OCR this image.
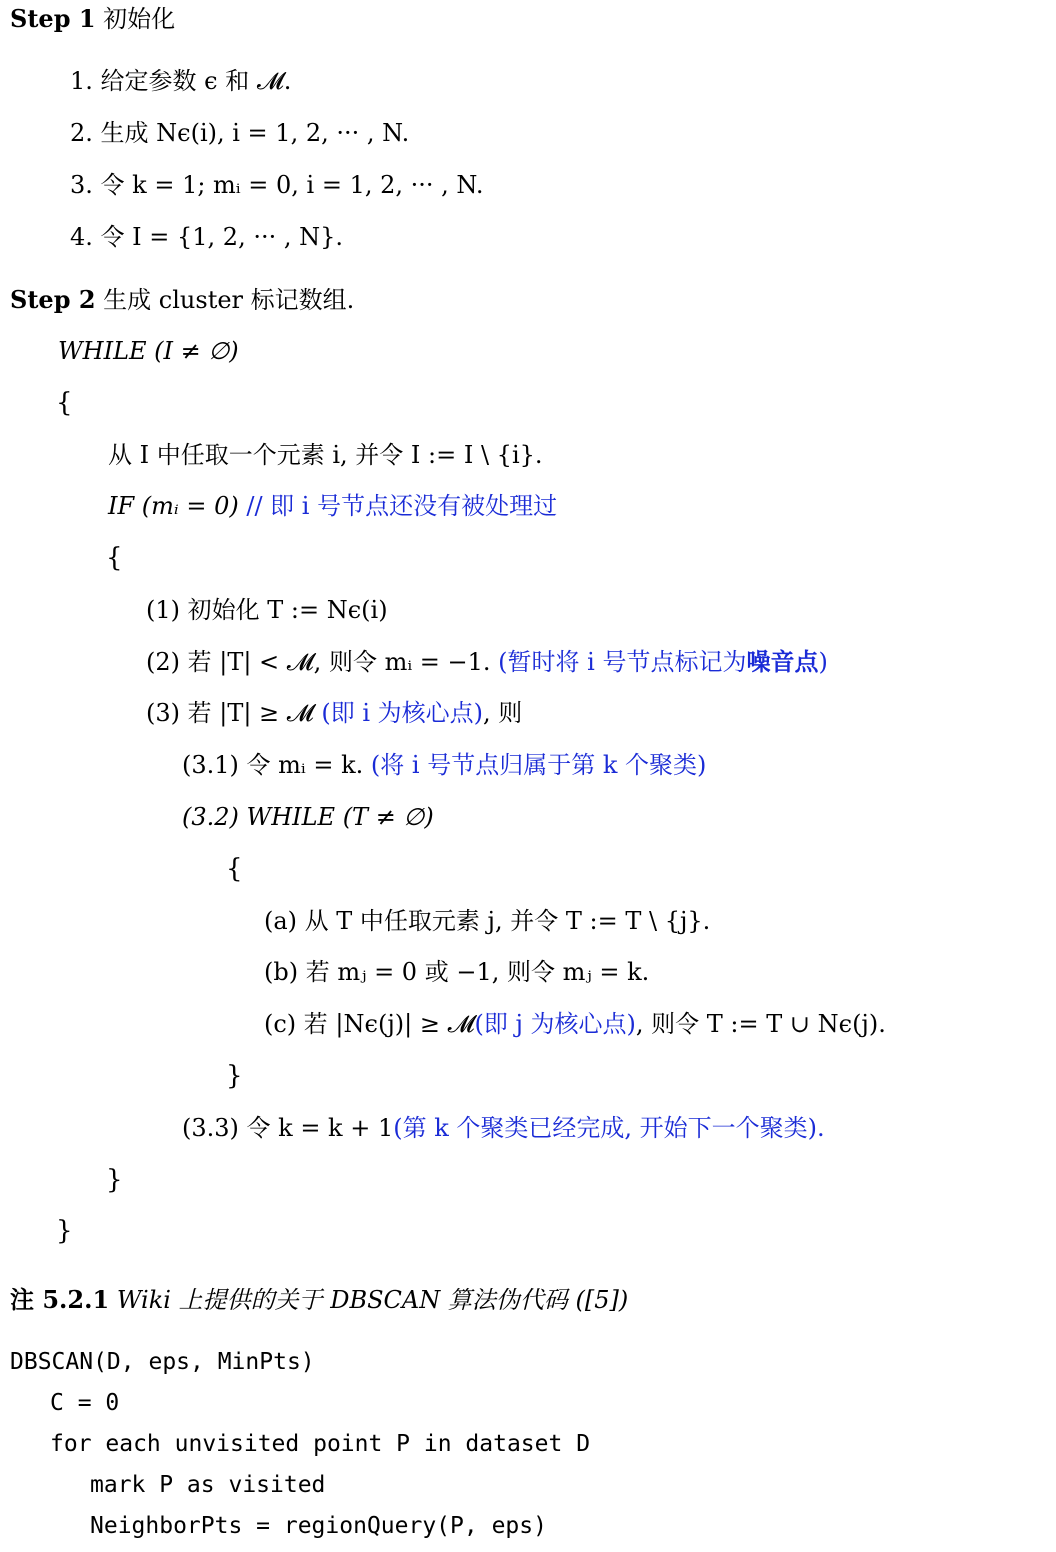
Step 1 初始化
1. 给定参数 ϵ 和 𝓜.
2. 生成 Nϵ(i), i = 1, 2, ··· , N.
3. 令 k = 1; mᵢ = 0, i = 1, 2, ··· , N.
4. 令 I = {1, 2, ··· , N}.
Step 2 生成 cluster 标记数组.
WHILE (I ≠ ∅)
{
从 I 中任取一个元素 i, 并令 I := I \ {i}.
IF (mᵢ = 0) // 即 i 号节点还没有被处理过
{
(1) 初始化 T := Nϵ(i)
(2) 若 |T| < 𝓜, 则令 mᵢ = −1. (暂时将 i 号节点标记为噪音点)
(3) 若 |T| ≥ 𝓜 (即 i 为核心点), 则
(3.1) 令 mᵢ = k. (将 i 号节点归属于第 k 个聚类)
(3.2) WHILE (T ≠ ∅)
{
(a) 从 T 中任取元素 j, 并令 T := T \ {j}.
(b) 若 mⱼ = 0 或 −1, 则令 mⱼ = k.
(c) 若 |Nϵ(j)| ≥ 𝓜(即 j 为核心点), 则令 T := T ∪ Nϵ(j).
}
(3.3) 令 k = k + 1(第 k 个聚类已经完成, 开始下一个聚类).
}
}
注 5.2.1 Wiki 上提供的关于 DBSCAN 算法伪代码 ([5])
DBSCAN(D, eps, MinPts)
C = 0
for each unvisited point P in dataset D
mark P as visited
NeighborPts = regionQuery(P, eps)
